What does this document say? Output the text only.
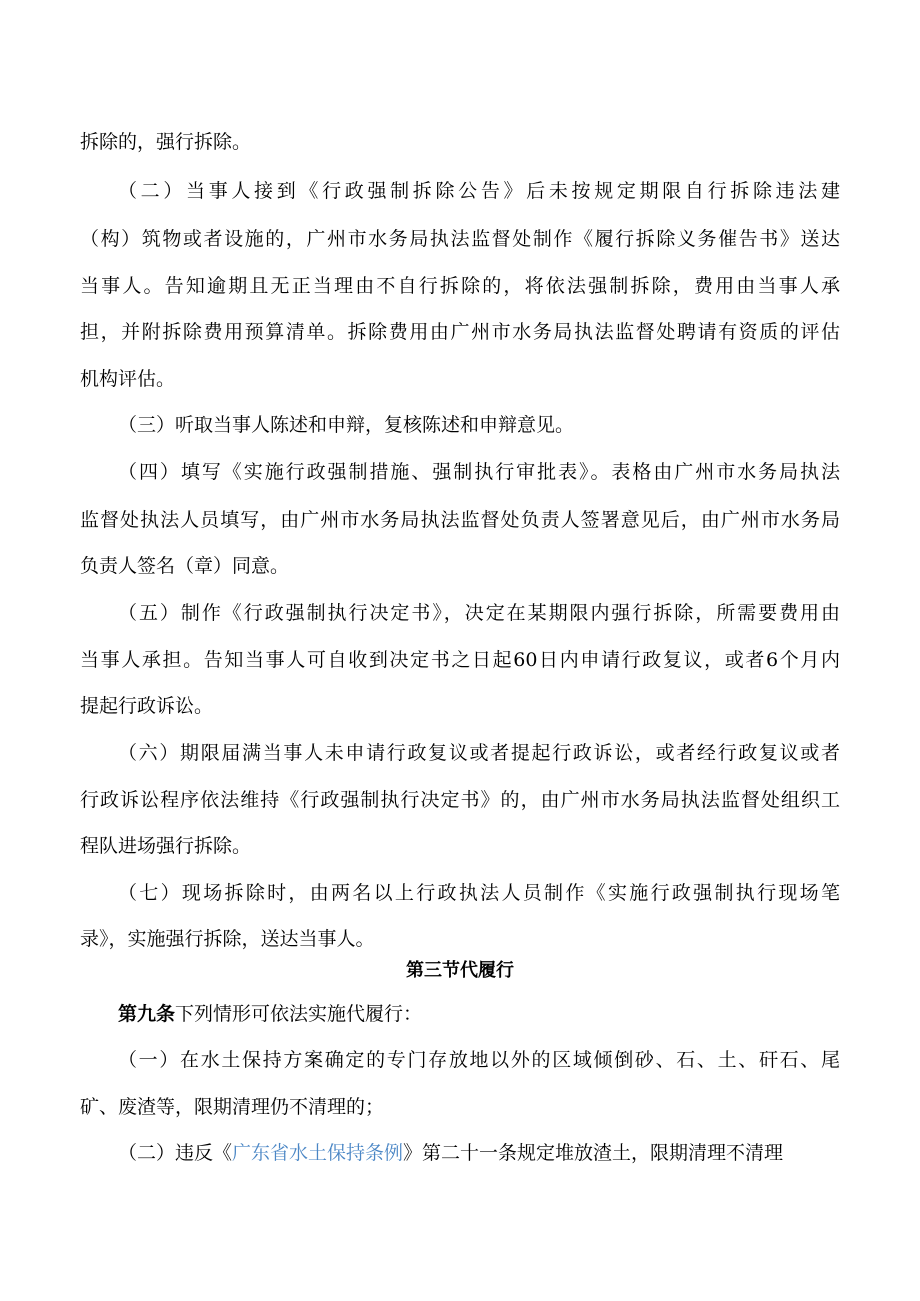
拆除的，强行拆除。
（二）当事人接到《行政强制拆除公告》后未按规定期限自行拆除违法建
（构）筑物或者设施的，广州市水务局执法监督处制作《履行拆除义务催告书》送达
当事人。告知逾期且无正当理由不自行拆除的，将依法强制拆除，费用由当事人承
担，并附拆除费用预算清单。拆除费用由广州市水务局执法监督处聘请有资质的评估
机构评估。
（三）听取当事人陈述和申辩，复核陈述和申辩意见。
（四）填写《实施行政强制措施、强制执行审批表》。表格由广州市水务局执法
监督处执法人员填写，由广州市水务局执法监督处负责人签署意见后，由广州市水务局
负责人签名（章）同意。
（五）制作《行政强制执行决定书》，决定在某期限内强行拆除，所需要费用由
当事人承担。告知当事人可自收到决定书之日起60日内申请行政复议，或者6个月内
提起行政诉讼。
（六）期限届满当事人未申请行政复议或者提起行政诉讼，或者经行政复议或者
行政诉讼程序依法维持《行政强制执行决定书》的，由广州市水务局执法监督处组织工
程队进场强行拆除。
（七）现场拆除时，由两名以上行政执法人员制作《实施行政强制执行现场笔
录》，实施强行拆除，送达当事人。
第三节代履行
第九条下列情形可依法实施代履行：
（一）在水土保持方案确定的专门存放地以外的区域倾倒砂、石、土、矸石、尾
矿、废渣等，限期清理仍不清理的；
（二）违反《广东省水土保持条例》第二十一条规定堆放渣土，限期清理不清理
